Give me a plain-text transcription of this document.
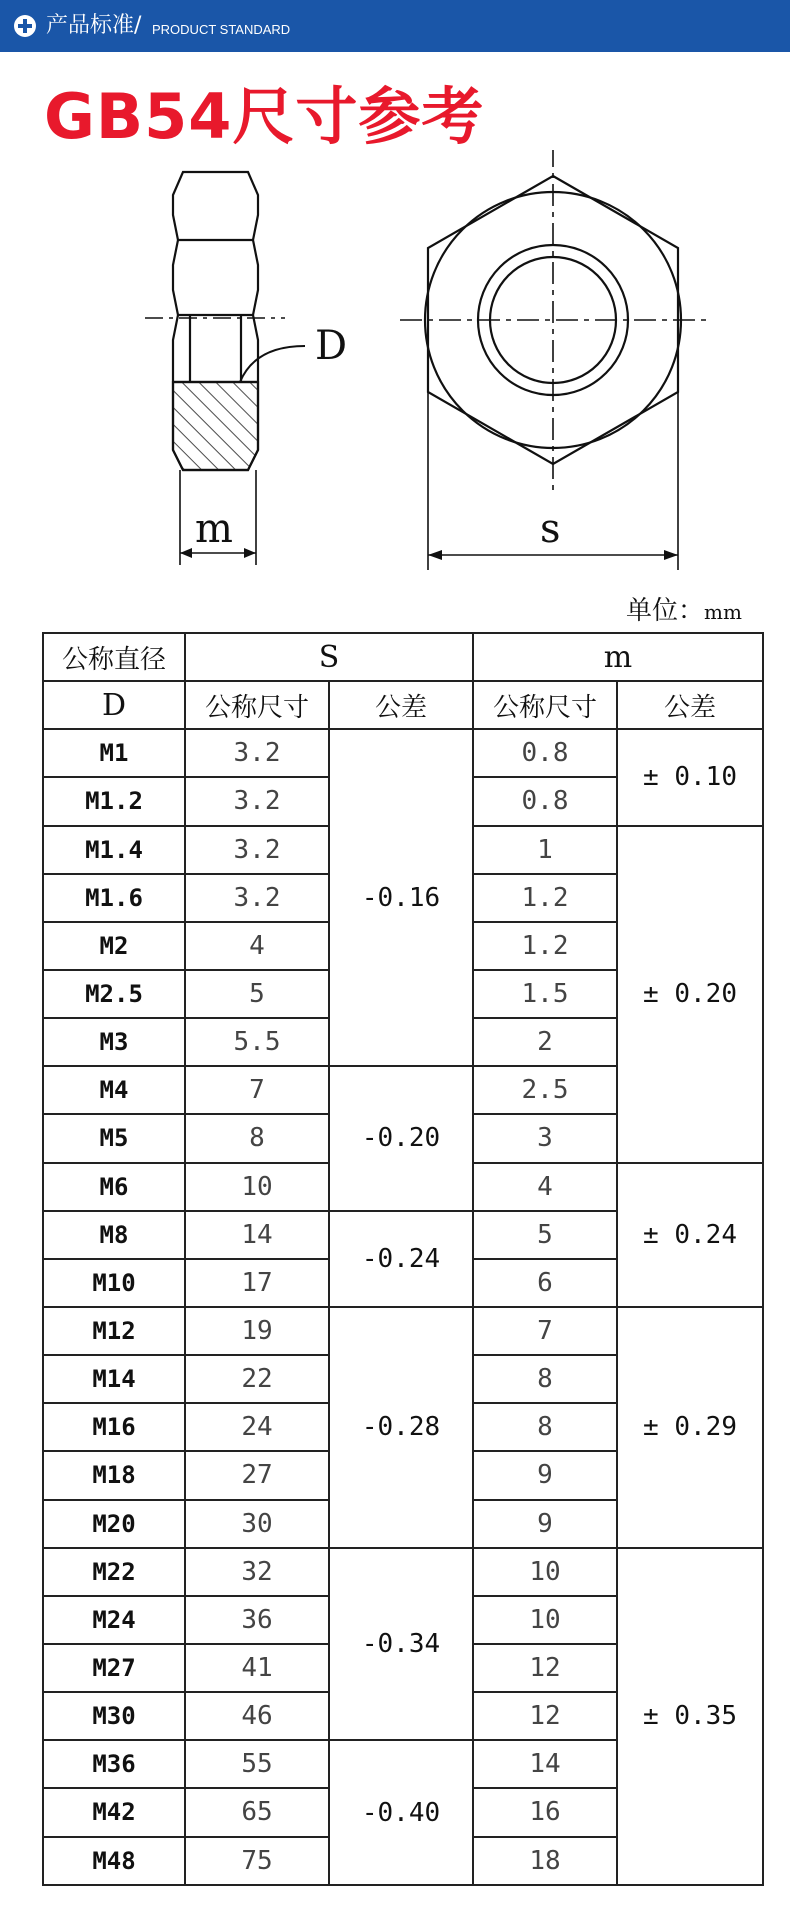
产品标准/ PRODUCT STANDARD
GB54尺寸参考
D
m	s
单位：mm
公称直径	S		m	
D	公称尺寸	公差	公称尺寸	公差
M1	3.2	-0.16	0.8	± 0.10
M1.2	3.2		0.8	
M1.4	3.2		1	± 0.20
M1.6	3.2		1.2	
M2	4		1.2	
M2.5	5		1.5	
M3	5.5		2	
M4	7	-0.20	2.5	
M5	8		3	
M6	10		4	± 0.24
M8	14	-0.24	5	
M10	17		6	
M12	19	-0.28	7	± 0.29
M14	22		8	
M16	24		8	
M18	27		9	
M20	30		9	
M22	32	-0.34	10	± 0.35
M24	36		10	
M27	41		12	
M30	46		12	
M36	55	-0.40	14	
M42	65		16	
M48	75		18	
